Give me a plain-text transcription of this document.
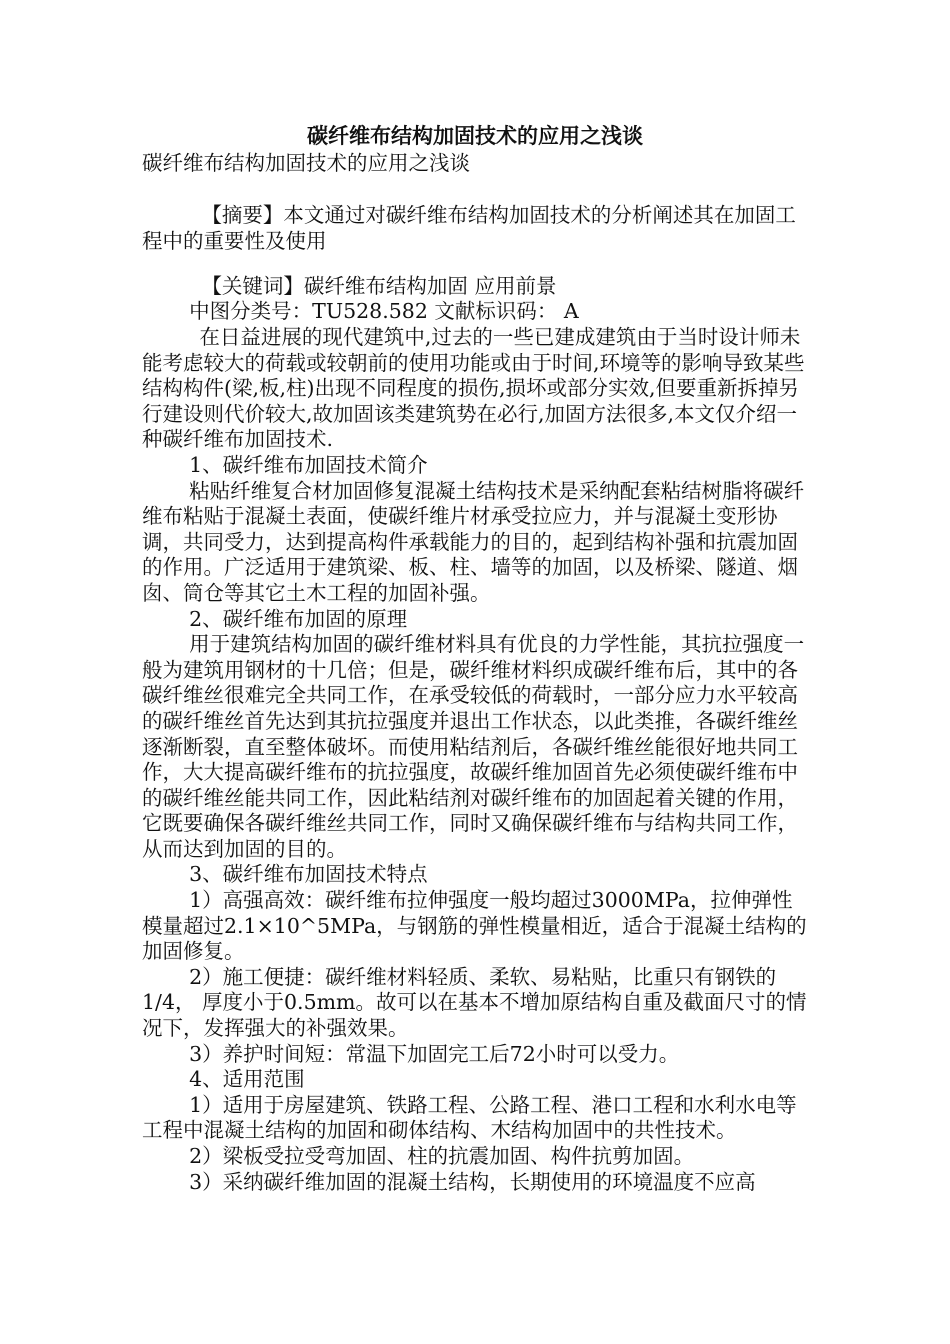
碳纤维布结构加固技术的应用之浅谈

碳纤维布结构加固技术的应用之浅谈

【摘要】本文通过对碳纤维布结构加固技术的分析阐述其在加固工程中的重要性及使用

【关键词】碳纤维布结构加固 应用前景

中图分类号：TU528.582 文献标识码： A

在日益进展的现代建筑中,过去的一些已建成建筑由于当时设计师未能考虑较大的荷载或较朝前的使用功能或由于时间,环境等的影响导致某些结构构件(梁,板,柱)出现不同程度的损伤,损坏或部分实效,但要重新拆掉另行建设则代价较大,故加固该类建筑势在必行,加固方法很多,本文仅介绍一种碳纤维布加固技术.

1、碳纤维布加固技术简介

粘贴纤维复合材加固修复混凝土结构技术是采纳配套粘结树脂将碳纤维布粘贴于混凝土表面，使碳纤维片材承受拉应力，并与混凝土变形协调，共同受力，达到提高构件承载能力的目的，起到结构补强和抗震加固的作用。广泛适用于建筑梁、板、柱、墙等的加固，以及桥梁、隧道、烟囱、筒仓等其它土木工程的加固补强。

2、碳纤维布加固的原理

用于建筑结构加固的碳纤维材料具有优良的力学性能，其抗拉强度一般为建筑用钢材的十几倍；但是，碳纤维材料织成碳纤维布后，其中的各碳纤维丝很难完全共同工作，在承受较低的荷载时，一部分应力水平较高的碳纤维丝首先达到其抗拉强度并退出工作状态，以此类推，各碳纤维丝逐渐断裂，直至整体破坏。而使用粘结剂后，各碳纤维丝能很好地共同工作，大大提高碳纤维布的抗拉强度，故碳纤维加固首先必须使碳纤维布中的碳纤维丝能共同工作，因此粘结剂对碳纤维布的加固起着关键的作用，它既要确保各碳纤维丝共同工作，同时又确保碳纤维布与结构共同工作，从而达到加固的目的。

3、碳纤维布加固技术特点

1）高强高效：碳纤维布拉伸强度一般均超过3000MPa，拉伸弹性模量超过2.1×10^5MPa，与钢筋的弹性模量相近，适合于混凝土结构的加固修复。

2）施工便捷：碳纤维材料轻质、柔软、易粘贴，比重只有钢铁的1/4， 厚度小于0.5mm。故可以在基本不增加原结构自重及截面尺寸的情况下，发挥强大的补强效果。

3）养护时间短：常温下加固完工后72小时可以受力。

4、适用范围

1）适用于房屋建筑、铁路工程、公路工程、港口工程和水利水电等工程中混凝土结构的加固和砌体结构、木结构加固中的共性技术。

2）梁板受拉受弯加固、柱的抗震加固、构件抗剪加固。

3）采纳碳纤维加固的混凝土结构，长期使用的环境温度不应高
